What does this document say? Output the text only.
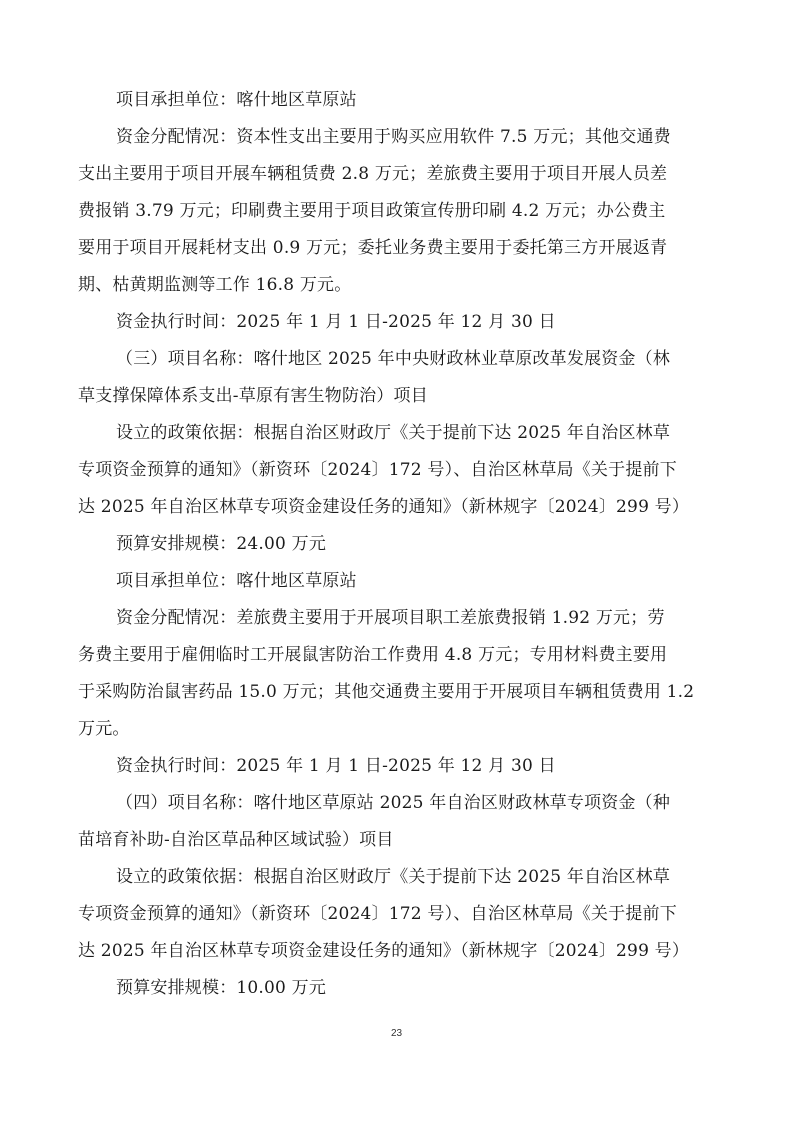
项目承担单位：喀什地区草原站
资金分配情况：资本性支出主要用于购买应用软件 7.5 万元；其他交通费
支出主要用于项目开展车辆租赁费 2.8 万元；差旅费主要用于项目开展人员差
费报销 3.79 万元；印刷费主要用于项目政策宣传册印刷 4.2 万元；办公费主
要用于项目开展耗材支出 0.9 万元；委托业务费主要用于委托第三方开展返青
期、枯黄期监测等工作 16.8 万元。
资金执行时间：2025 年 1 月 1 日-2025 年 12 月 30 日
（三）项目名称：喀什地区 2025 年中央财政林业草原改革发展资金（林
草支撑保障体系支出-草原有害生物防治）项目
设立的政策依据：根据自治区财政厅《关于提前下达 2025 年自治区林草
专项资金预算的通知》（新资环〔2024〕172 号）、自治区林草局《关于提前下
达 2025 年自治区林草专项资金建设任务的通知》（新林规字〔2024〕299 号）
预算安排规模：24.00 万元
项目承担单位：喀什地区草原站
资金分配情况：差旅费主要用于开展项目职工差旅费报销 1.92 万元；劳
务费主要用于雇佣临时工开展鼠害防治工作费用 4.8 万元；专用材料费主要用
于采购防治鼠害药品 15.0 万元；其他交通费主要用于开展项目车辆租赁费用 1.2
万元。
资金执行时间：2025 年 1 月 1 日-2025 年 12 月 30 日
（四）项目名称：喀什地区草原站 2025 年自治区财政林草专项资金（种
苗培育补助-自治区草品种区域试验）项目
设立的政策依据：根据自治区财政厅《关于提前下达 2025 年自治区林草
专项资金预算的通知》（新资环〔2024〕172 号）、自治区林草局《关于提前下
达 2025 年自治区林草专项资金建设任务的通知》（新林规字〔2024〕299 号）
预算安排规模：10.00 万元
23
